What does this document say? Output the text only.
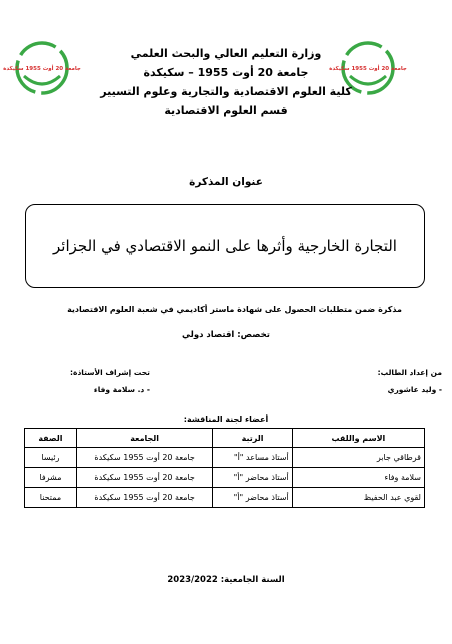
جامعة 20 أوت 1955 سكيكدة	جامعة 20 أوت 1955 سكيكدة
وزارة التعليم العالي والبحث العلمي
جامعة 20 أوت 1955 – سكيكدة
كلية العلوم الاقتصادية والتجارية وعلوم التسيير
قسم العلوم الاقتصادية
عنوان المذكرة
التجارة الخارجية وأثرها على النمو الاقتصادي في الجزائر
مذكرة ضمن متطلبات الحصول على شهادة ماستر أكاديمي في شعبة العلوم الاقتصادية
تخصص: اقتصاد دولي
من إعداد الطالب:
- وليد عاشوري
تحت إشراف الأستاذة:
- د. سلامة وفاء
أعضاء لجنة المناقشة:
الاسم واللقب	الرتبة	الجامعة	الصفة
قرطاقي جابر	أستاذ مساعد "أ"	جامعة 20 أوت 1955 سكيكدة	رئيسا
سلامة وفاء	أستاذ محاضر "أ"	جامعة 20 أوت 1955 سكيكدة	مشرفا
لقوي عبد الحفيظ	أستاذ محاضر "أ"	جامعة 20 أوت 1955 سكيكدة	ممتحنا
السنة الجامعية: 2023/2022
